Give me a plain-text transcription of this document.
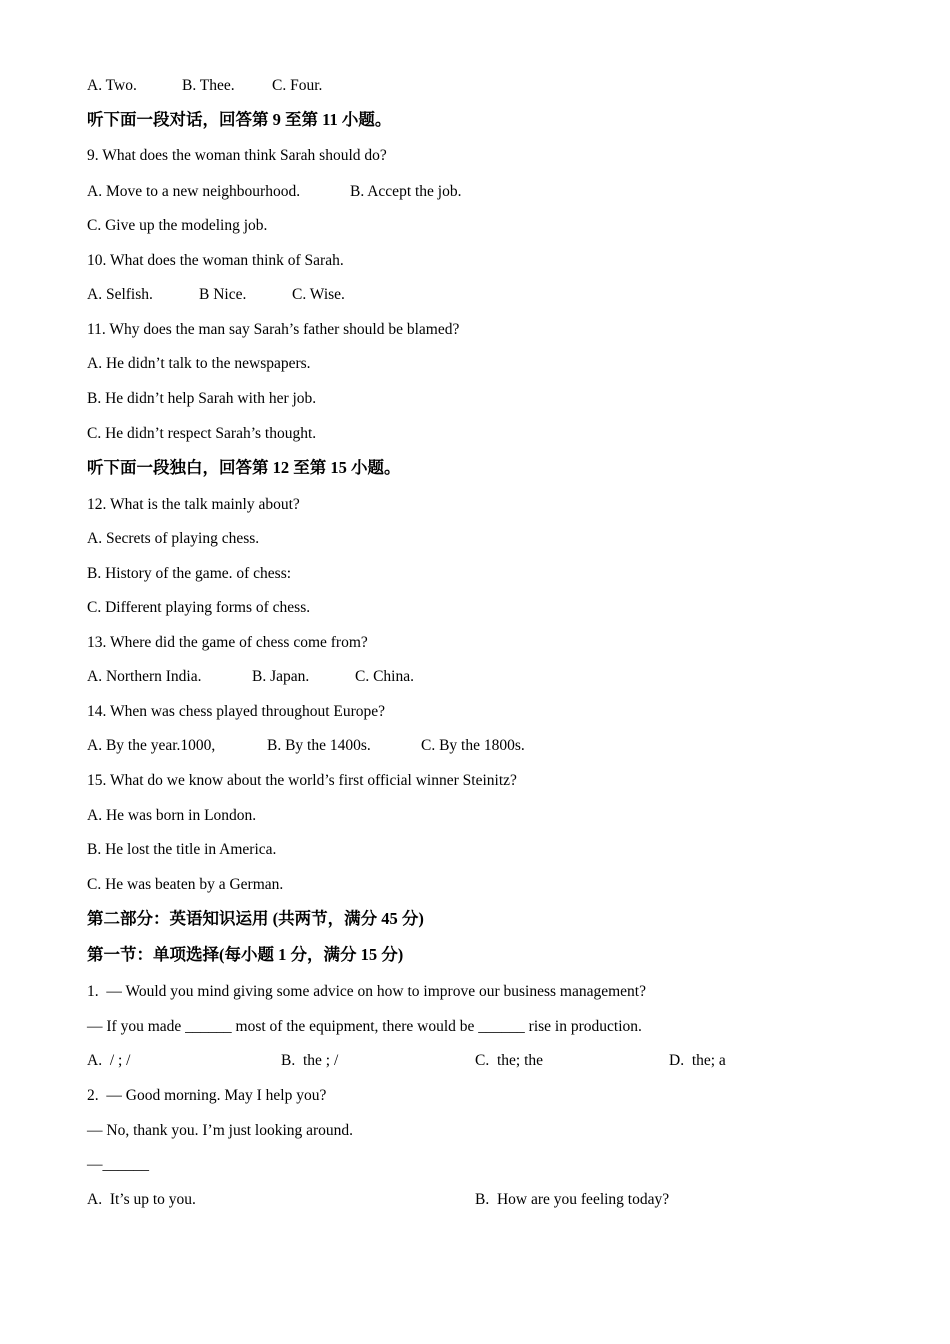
A. Two.	B. Thee. C. Four.
听下面一段对话，回答第 9 至第 11 小题。
9. What does the woman think Sarah should do?
A. Move to a new neighbourhood.	B. Accept the job.
C. Give up the modeling job.
10. What does the woman think of Sarah.
A. Selfish.	B Nice.	C. Wise.
11. Why does the man say Sarah’s father should be blamed?
A. He didn’t talk to the newspapers.
B. He didn’t help Sarah with her job.
C. He didn’t respect Sarah’s thought.
听下面一段独白，回答第 12 至第 15 小题。
12. What is the talk mainly about?
A. Secrets of playing chess.
B. History of the game. of chess:
C. Different playing forms of chess.
13. Where did the game of chess come from?
A. Northern India.	B. Japan.	C. China.
14. When was chess played throughout Europe?
A. By the year.1000,	B. By the 1400s.	C. By the 1800s.
15. What do we know about the world’s first official winner Steinitz?
A. He was born in London.
B. He lost the title in America.
C. He was beaten by a German.
第二部分：英语知识运用 (共两节，满分 45 分)
第一节：单项选择(每小题 1 分，满分 15 分)
1.  — Would you mind giving some advice on how to improve our business management?
— If you made ______ most of the equipment, there would be ______ rise in production.
A.  / ; /	B.  the ; /	C.  the; the	D.  the; a
2.  — Good morning. May I help you?
— No, thank you. I’m just looking around.
—______
A.  It’s up to you.	B.  How are you feeling today?
